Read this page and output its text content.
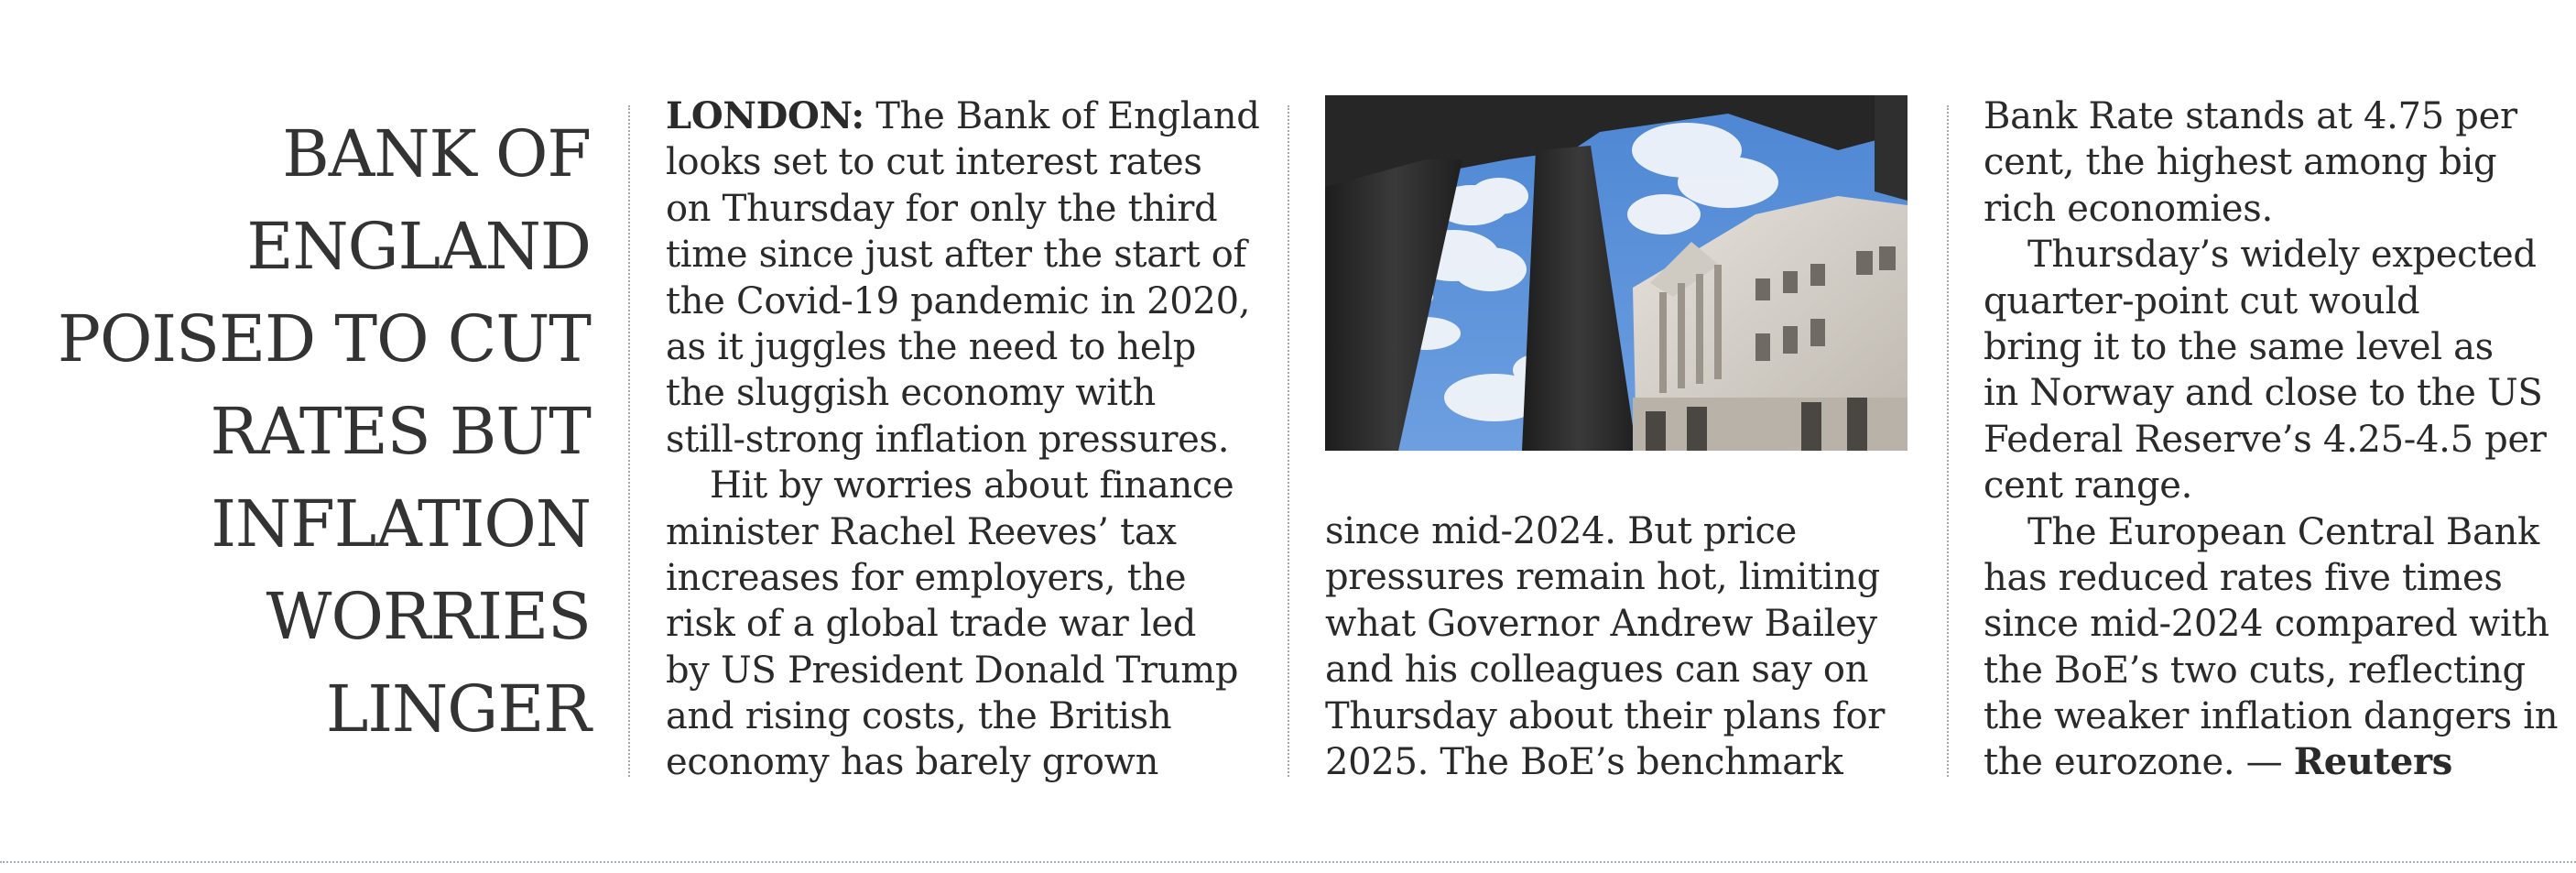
BANK OF
ENGLAND
POISED TO CUT
RATES BUT
INFLATION
WORRIES
LINGER
LONDON: The Bank of England
looks set to cut interest rates
on Thursday for only the third
time since just after the start of
the Covid-19 pandemic in 2020,
as it juggles the need to help
the sluggish economy with
still-strong inflation pressures.
Hit by worries about finance
minister Rachel Reeves’ tax
increases for employers, the
risk of a global trade war led
by US President Donald Trump
and rising costs, the British
economy has barely grown
since mid-2024. But price
pressures remain hot, limiting
what Governor Andrew Bailey
and his colleagues can say on
Thursday about their plans for
2025. The BoE’s benchmark
Bank Rate stands at 4.75 per
cent, the highest among big
rich economies.
Thursday’s widely expected
quarter-point cut would
bring it to the same level as
in Norway and close to the US
Federal Reserve’s 4.25-4.5 per
cent range.
The European Central Bank
has reduced rates five times
since mid-2024 compared with
the BoE’s two cuts, reflecting
the weaker inflation dangers in
the eurozone. — Reuters
